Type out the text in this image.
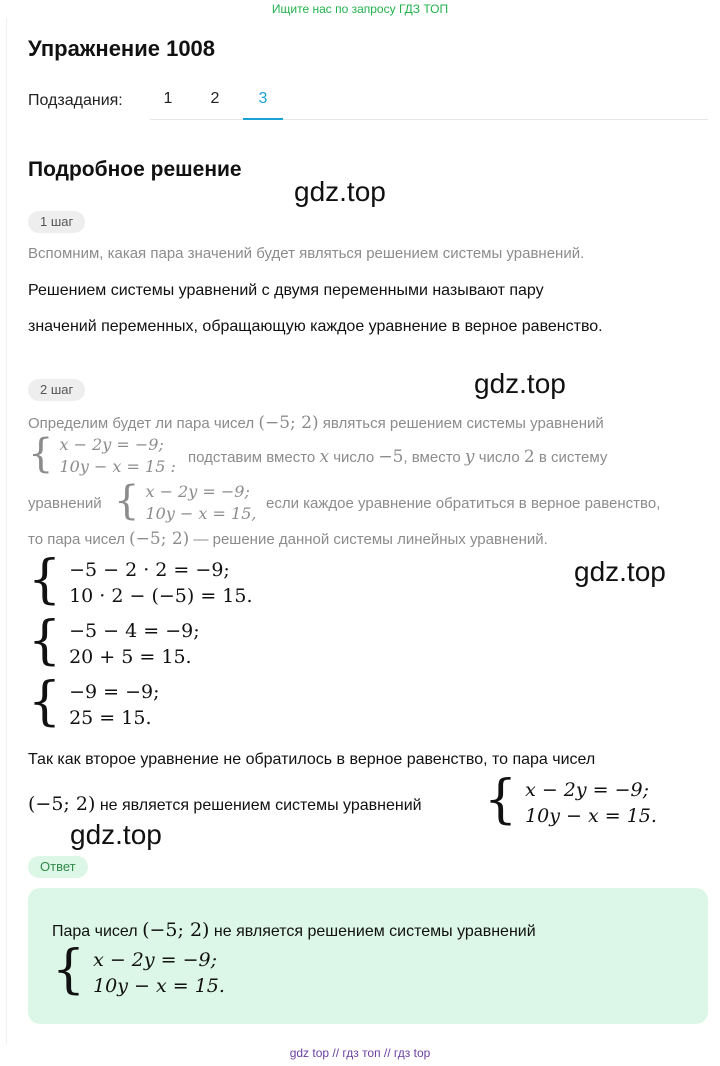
Ищите нас по запросу ГДЗ ТОП
Упражнение 1008
Подзадания:	1	2	3
Подробное решение
gdz.top
1 шаг
Вспомним, какая пара значений будет являться решением системы уравнений.
Решением системы уравнений с двумя переменными называют пару
значений переменных, обращающую каждое уравнение в верное равенство.
gdz.top
2 шаг
Определим будет ли пара чисел (−5; 2) являться решением системы уравнений
{ x − 2y = −9;
10y − x = 15 : подставим вместо x число −5, вместо y число 2 в систему
уравнений { x − 2y = −9;
10y − x = 15,
если каждое уравнение обратиться в верное равенство,
то пара чисел (−5; 2) — решение данной системы линейных уравнений.
{ −5 − 2 · 2 = −9;
10 · 2 − (−5) = 15.
gdz.top
{ −5 − 4 = −9;
20 + 5 = 15.
{ −9 = −9;
25 = 15.
Так как второе уравнение не обратилось в верное равенство, то пара чисел
(−5; 2) не является решением системы уравнений { x − 2y = −9;
10y − x = 15.
gdz.top
Ответ
Пара чисел (−5; 2) не является решением системы уравнений
{ x − 2y = −9;
10y − x = 15.
gdz top // гдз топ // гдз top
